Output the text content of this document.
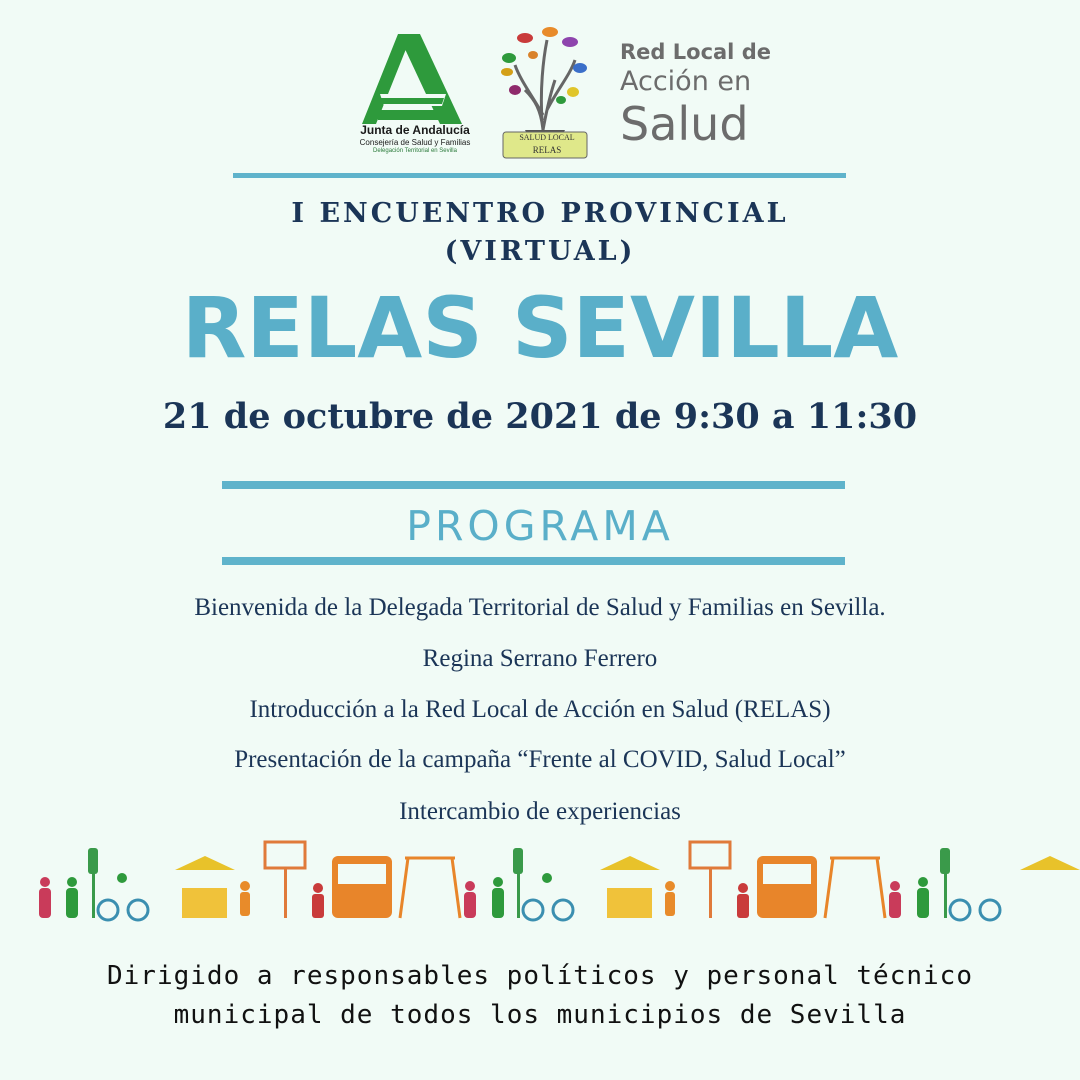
Junta de Andalucía
Consejería de Salud y Familias
Delegación Territorial en Sevilla
SALUD LOCAL
RELAS
Red Local de
Acción en
Salud
I ENCUENTRO PROVINCIAL
(VIRTUAL)
RELAS SEVILLA
21 de octubre de 2021 de 9:30 a 11:30
PROGRAMA
Bienvenida de la Delegada Territorial de Salud y Familias en Sevilla.
Regina Serrano Ferrero
Introducción a la Red Local de Acción en Salud (RELAS)
Presentación de la campaña “Frente al COVID, Salud Local”
Intercambio de experiencias
Dirigido a responsables políticos y personal técnico
municipal de todos los municipios de Sevilla
